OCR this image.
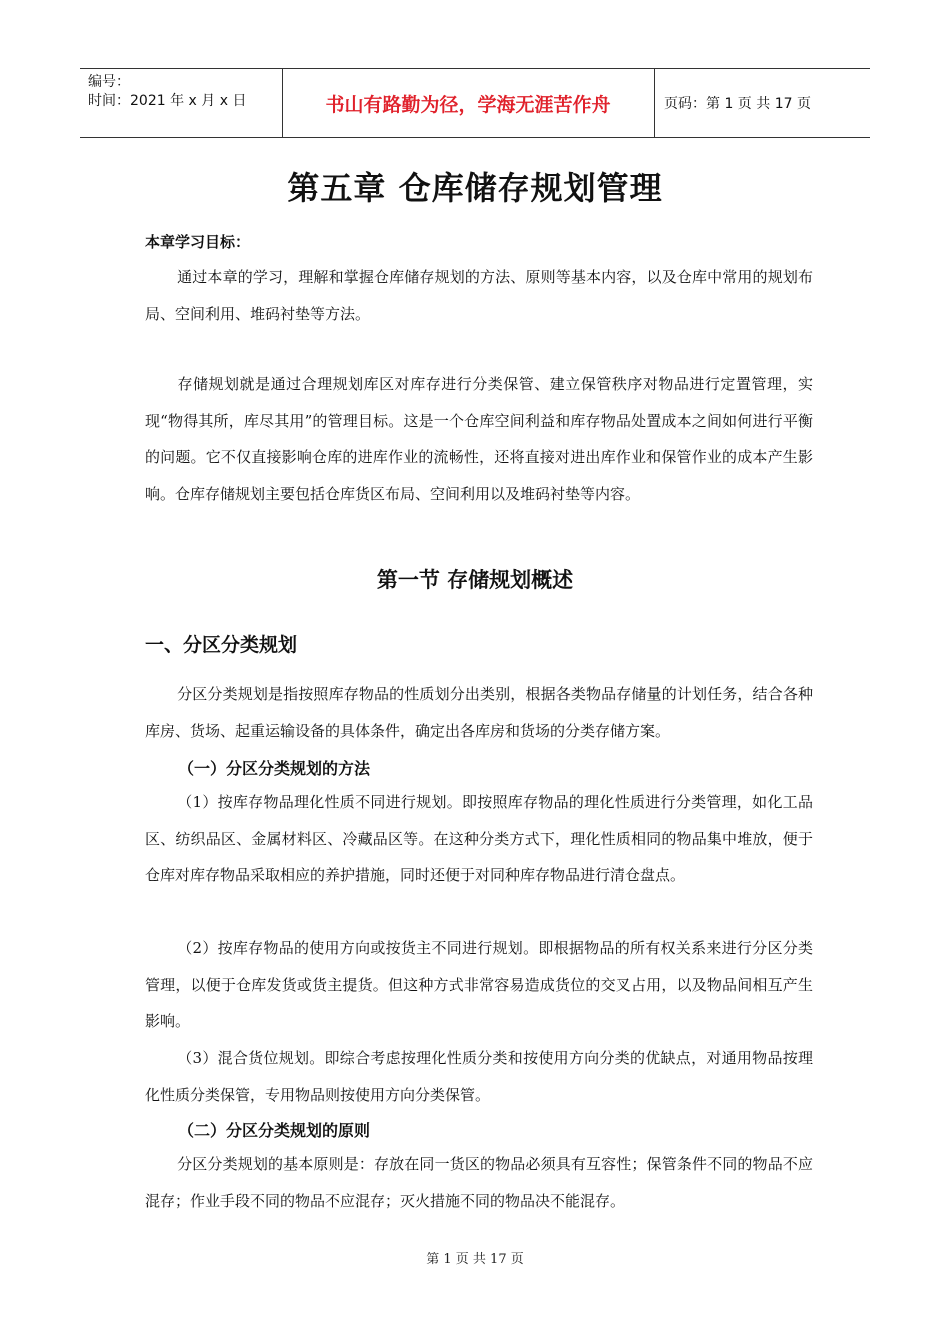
编号：
时间：2021 年 x 月 x 日	书山有路勤为径，学海无涯苦作舟	页码：第 1 页 共 17 页
第五章 仓库储存规划管理
本章学习目标：

通过本章的学习，理解和掌握仓库储存规划的方法、原则等基本内容，以及仓库中常用的规划布局、空间利用、堆码衬垫等方法。

存储规划就是通过合理规划库区对库存进行分类保管、建立保管秩序对物品进行定置管理，实现“物得其所，库尽其用”的管理目标。这是一个仓库空间利益和库存物品处置成本之间如何进行平衡的问题。它不仅直接影响仓库的进库作业的流畅性，还将直接对进出库作业和保管作业的成本产生影响。仓库存储规划主要包括仓库货区布局、空间利用以及堆码衬垫等内容。

第一节 存储规划概述
一、分区分类规划

分区分类规划是指按照库存物品的性质划分出类别，根据各类物品存储量的计划任务，结合各种库房、货场、起重运输设备的具体条件，确定出各库房和货场的分类存储方案。

（一）分区分类规划的方法

（1）按库存物品理化性质不同进行规划。即按照库存物品的理化性质进行分类管理，如化工品区、纺织品区、金属材料区、冷藏品区等。在这种分类方式下，理化性质相同的物品集中堆放，便于仓库对库存物品采取相应的养护措施，同时还便于对同种库存物品进行清仓盘点。

（2）按库存物品的使用方向或按货主不同进行规划。即根据物品的所有权关系来进行分区分类管理，以便于仓库发货或货主提货。但这种方式非常容易造成货位的交叉占用，以及物品间相互产生影响。

（3）混合货位规划。即综合考虑按理化性质分类和按使用方向分类的优缺点，对通用物品按理化性质分类保管，专用物品则按使用方向分类保管。

（二）分区分类规划的原则

分区分类规划的基本原则是：存放在同一货区的物品必须具有互容性；保管条件不同的物品不应混存；作业手段不同的物品不应混存；灭火措施不同的物品决不能混存。

第 1 页 共 17 页
